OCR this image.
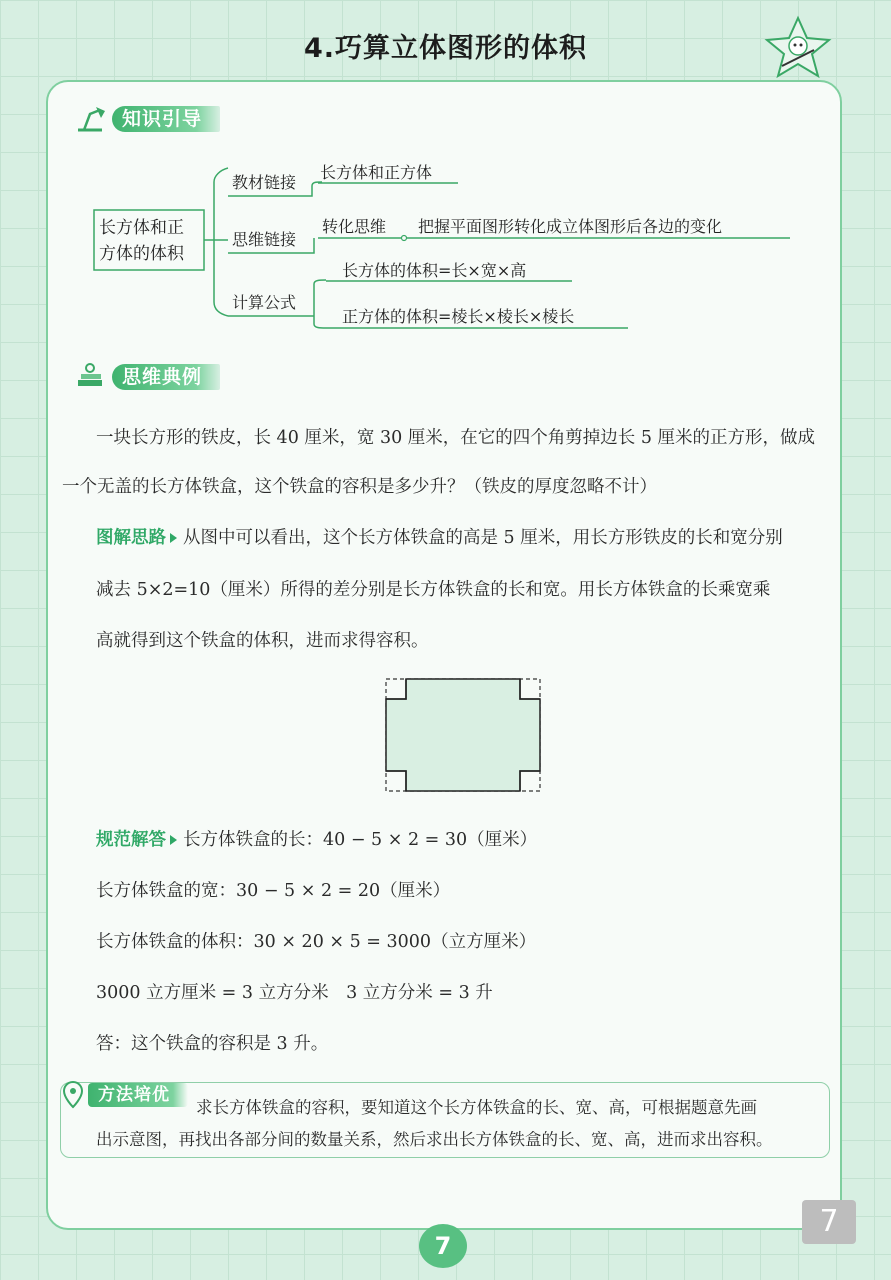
4.巧算立体图形的体积
知识引导
长方体和正
方体的体积
教材链接
长方体和正方体
思维链接
转化思维 把握平面图形转化成立体图形后各边的变化
计算公式
长方体的体积=长×宽×高
正方体的体积=棱长×棱长×棱长
思维典例
一块长方形的铁皮，长 40 厘米，宽 30 厘米，在它的四个角剪掉边长 5 厘米的正方形，做成
一个无盖的长方体铁盒，这个铁盒的容积是多少升？（铁皮的厚度忽略不计）
图解思路 从图中可以看出，这个长方体铁盒的高是 5 厘米，用长方形铁皮的长和宽分别
减去 5×2=10（厘米）所得的差分别是长方体铁盒的长和宽。用长方体铁盒的长乘宽乘
高就得到这个铁盒的体积，进而求得容积。
规范解答 长方体铁盒的长：40 − 5 × 2 = 30（厘米）
长方体铁盒的宽：30 − 5 × 2 = 20（厘米）
长方体铁盒的体积：30 × 20 × 5 = 3000（立方厘米）
3000 立方厘米 = 3 立方分米　3 立方分米 = 3 升
答：这个铁盒的容积是 3 升。
方法培优
求长方体铁盒的容积，要知道这个长方体铁盒的长、宽、高，可根据题意先画
出示意图，再找出各部分间的数量关系，然后求出长方体铁盒的长、宽、高，进而求出容积。
7
7
